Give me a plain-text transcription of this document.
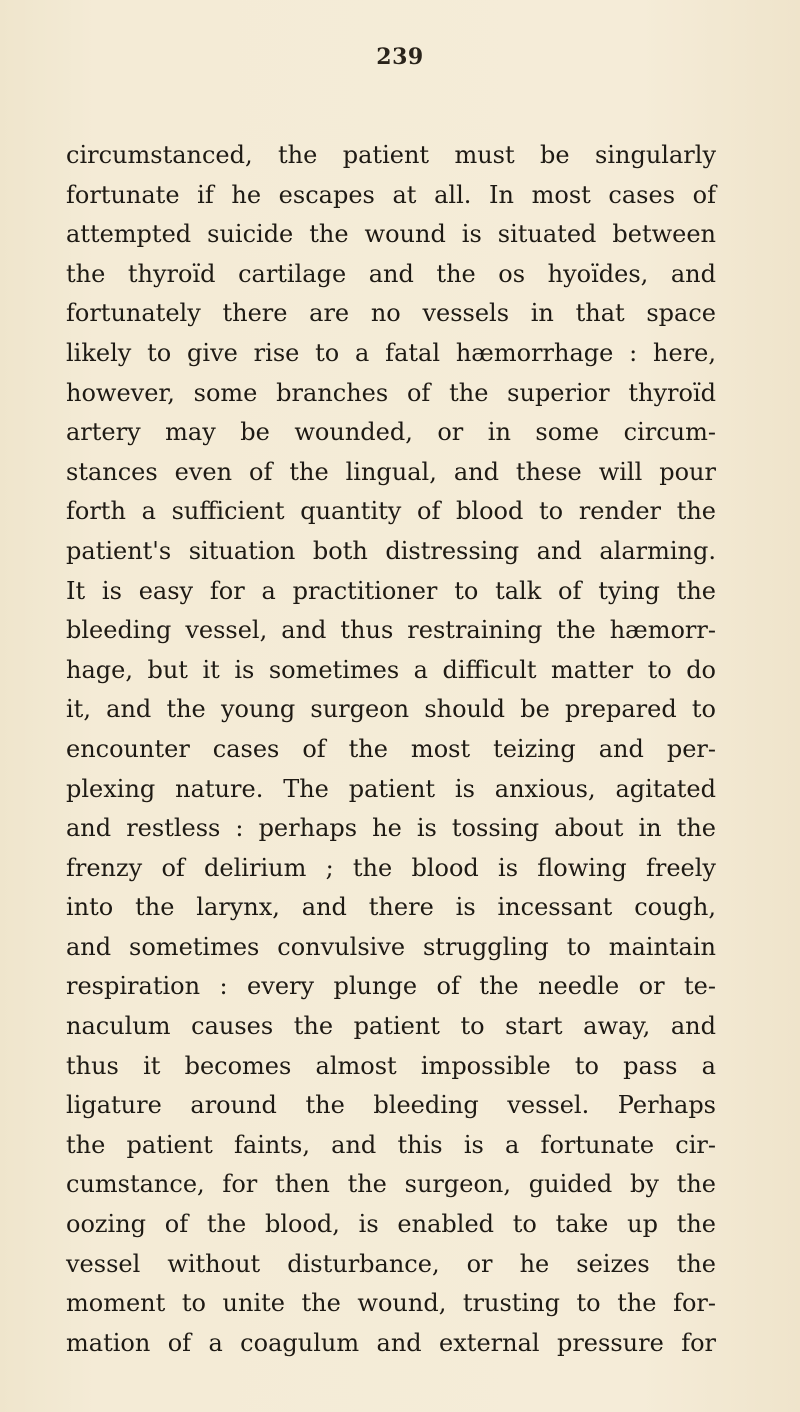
239
circumstanced, the patient must be singularly
fortunate if he escapes at all. In most cases of
attempted suicide the wound is situated between
the thyroïd cartilage and the os hyoïdes, and
fortunately there are no vessels in that space
likely to give rise to a fatal hæmorrhage : here,
however, some branches of the superior thyroïd
artery may be wounded, or in some circum-
stances even of the lingual, and these will pour
forth a sufficient quantity of blood to render the
patient's situation both distressing and alarming.
It is easy for a practitioner to talk of tying the
bleeding vessel, and thus restraining the hæmorr-
hage, but it is sometimes a difficult matter to do
it, and the young surgeon should be prepared to
encounter cases of the most teizing and per-
plexing nature. The patient is anxious, agitated
and restless : perhaps he is tossing about in the
frenzy of delirium ; the blood is flowing freely
into the larynx, and there is incessant cough,
and sometimes convulsive struggling to maintain
respiration : every plunge of the needle or te-
naculum causes the patient to start away, and
thus it becomes almost impossible to pass a
ligature around the bleeding vessel. Perhaps
the patient faints, and this is a fortunate cir-
cumstance, for then the surgeon, guided by the
oozing of the blood, is enabled to take up the
vessel without disturbance, or he seizes the
moment to unite the wound, trusting to the for-
mation of a coagulum and external pressure for
